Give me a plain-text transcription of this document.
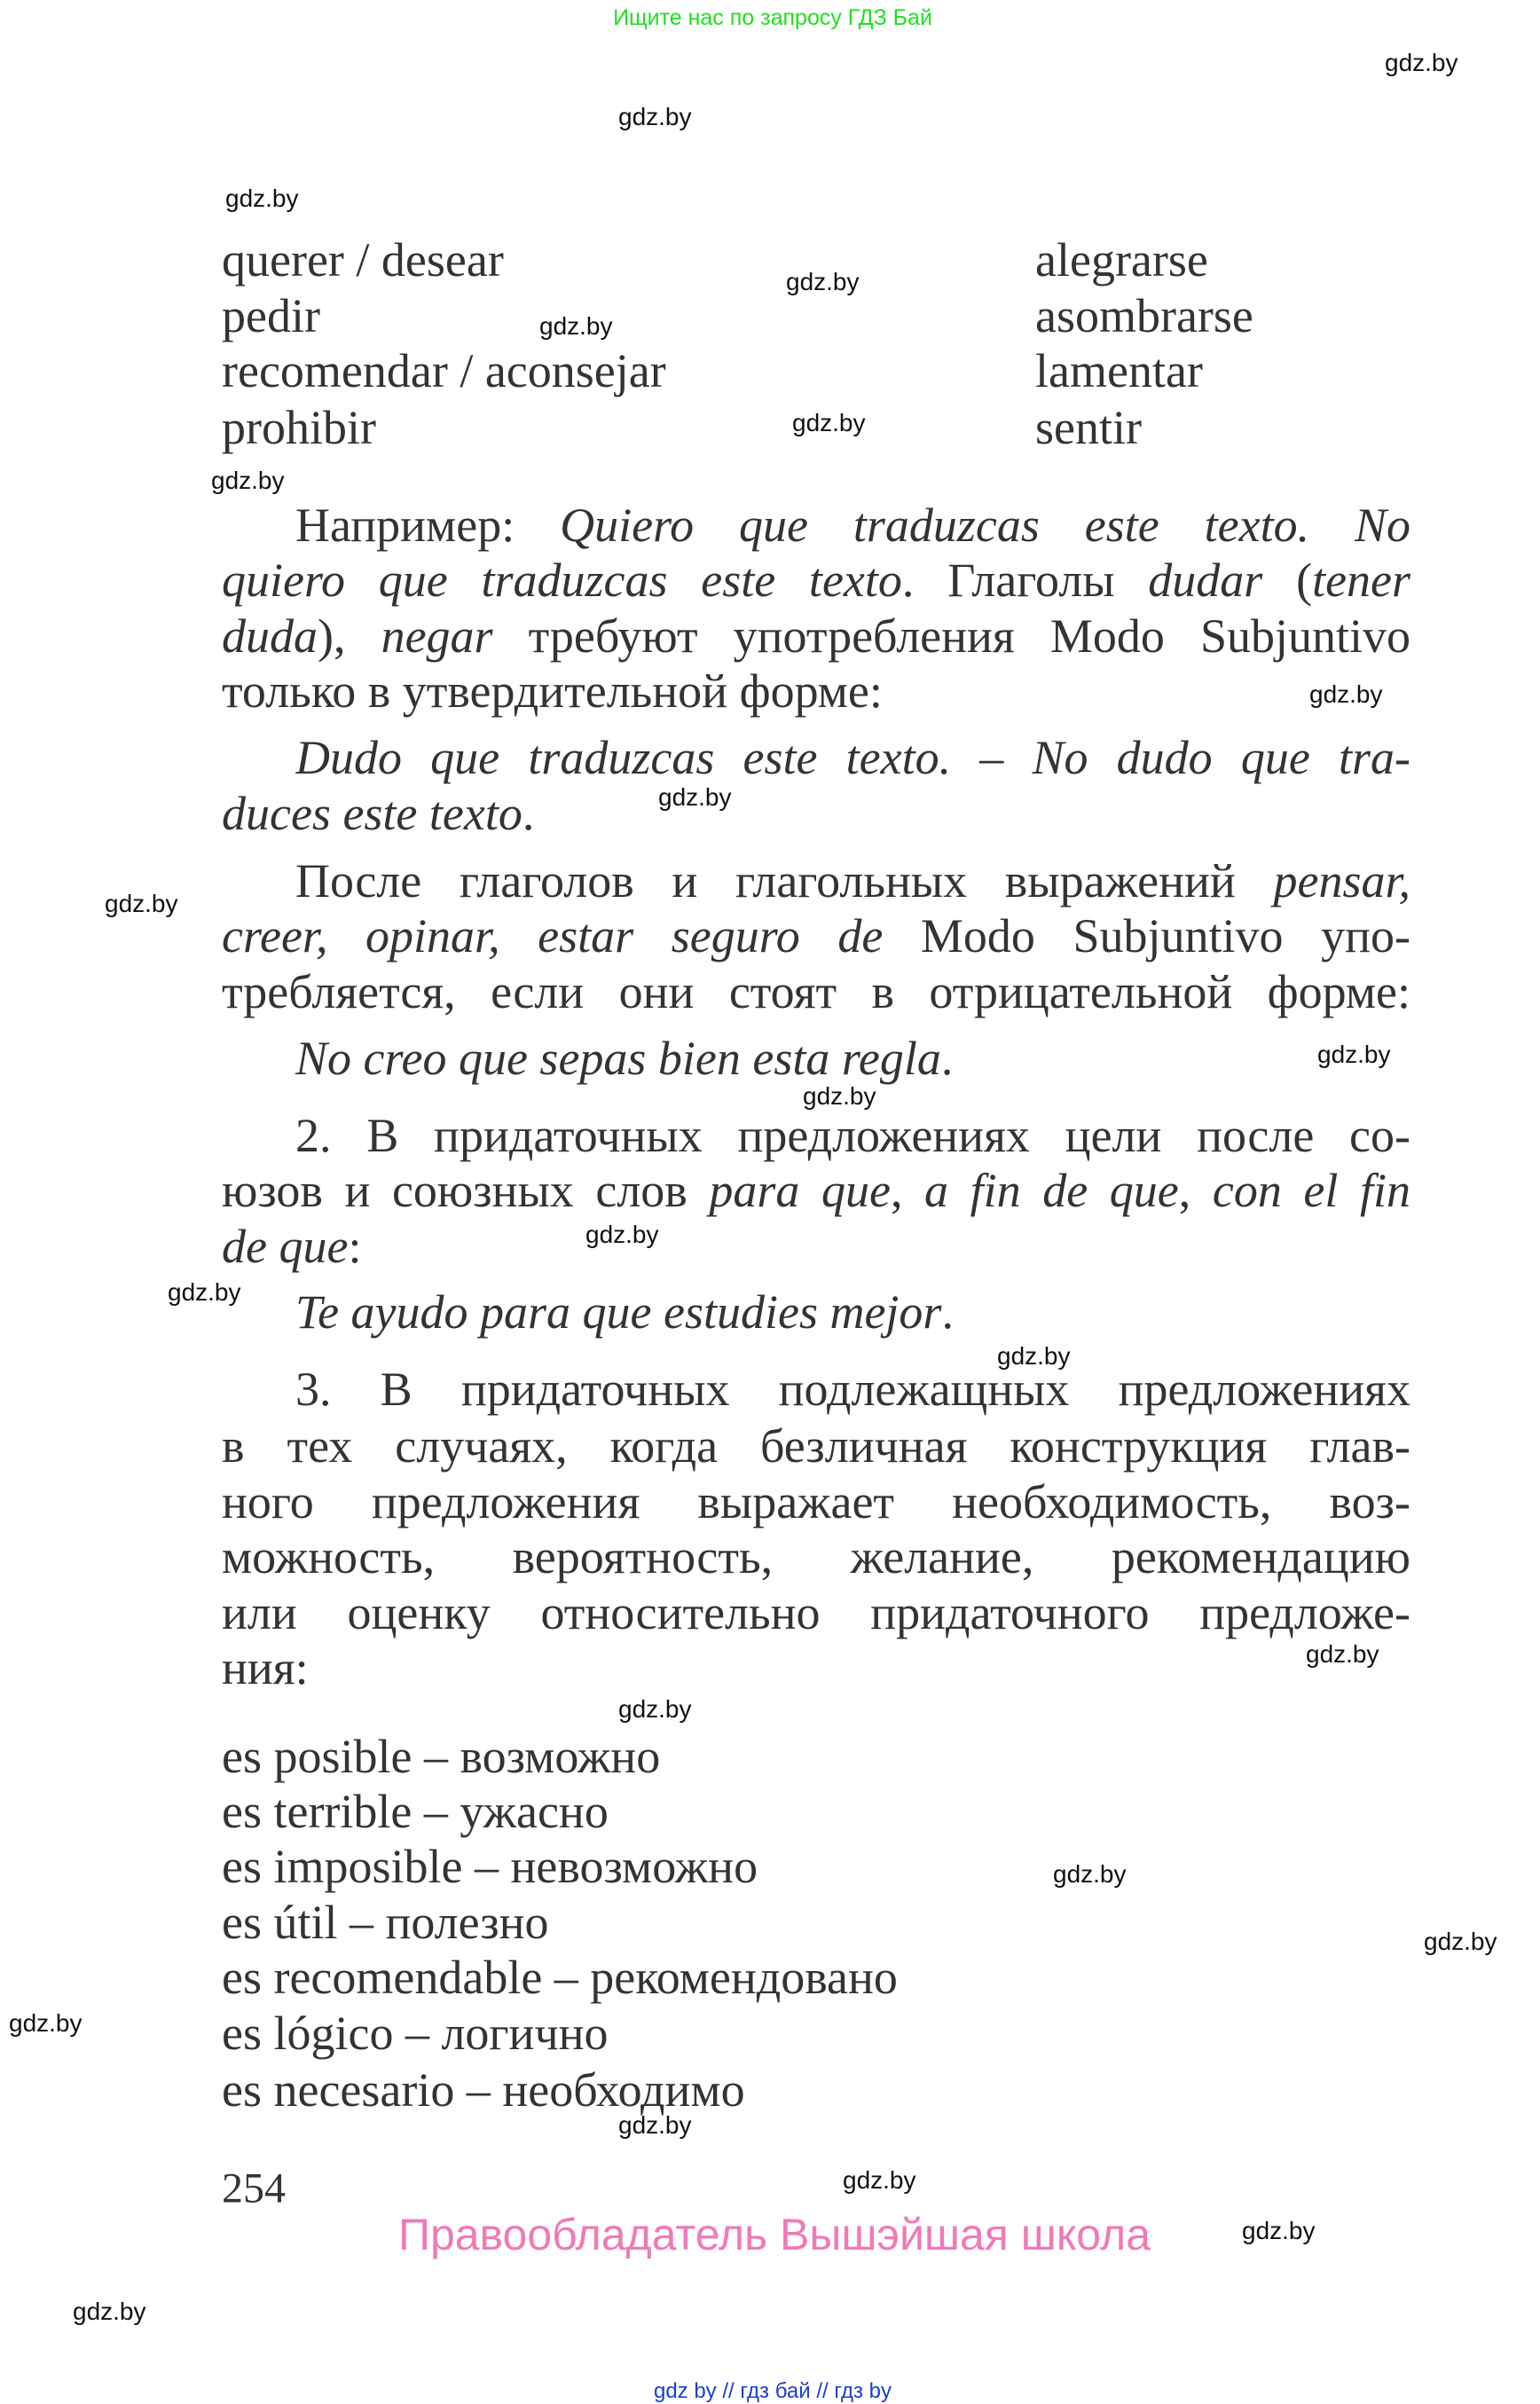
Ищите нас по запросу ГДЗ Бай
querer / desear
pedir
recomendar / aconsejar
prohibir
alegrarse
asombrarse
lamentar
sentir
Например: Quiero que traduzcas este texto. No
quiero que traduzcas este texto. Глаголы dudar (tener
duda), negar требуют употребления Modo Subjuntivo
только в утвердительной форме:
Dudo que traduzcas este texto. – No dudo que tra-
duces este texto.
После глаголов и глагольных выражений pensar,
creer, opinar, estar seguro de Modo Subjuntivo упо-
требляется, если они стоят в отрицательной форме:
No creo que sepas bien esta regla.
2. В придаточных предложениях цели после со-
юзов и союзных слов para que, a fin de que, con el fin
de que:
Te ayudo para que estudies mejor.
3. В придаточных подлежащных предложениях
в тех случаях, когда безличная конструкция глав-
ного предложения выражает необходимость, воз-
можность, вероятность, желание, рекомендацию
или оценку относительно придаточного предложе-
ния:
es posible – возможно
es terrible – ужасно
es imposible – невозможно
es útil – полезно
es recomendable – рекомендовано
es lógico – логично
es necesario – необходимо
254
Правообладатель Вышэйшая школа
gdz by // гдз бай // гдз by
gdz.by
gdz.by
gdz.by
gdz.by
gdz.by
gdz.by
gdz.by
gdz.by
gdz.by
gdz.by
gdz.by
gdz.by
gdz.by
gdz.by
gdz.by
gdz.by
gdz.by
gdz.by
gdz.by
gdz.by
gdz.by
gdz.by
gdz.by
gdz.by
